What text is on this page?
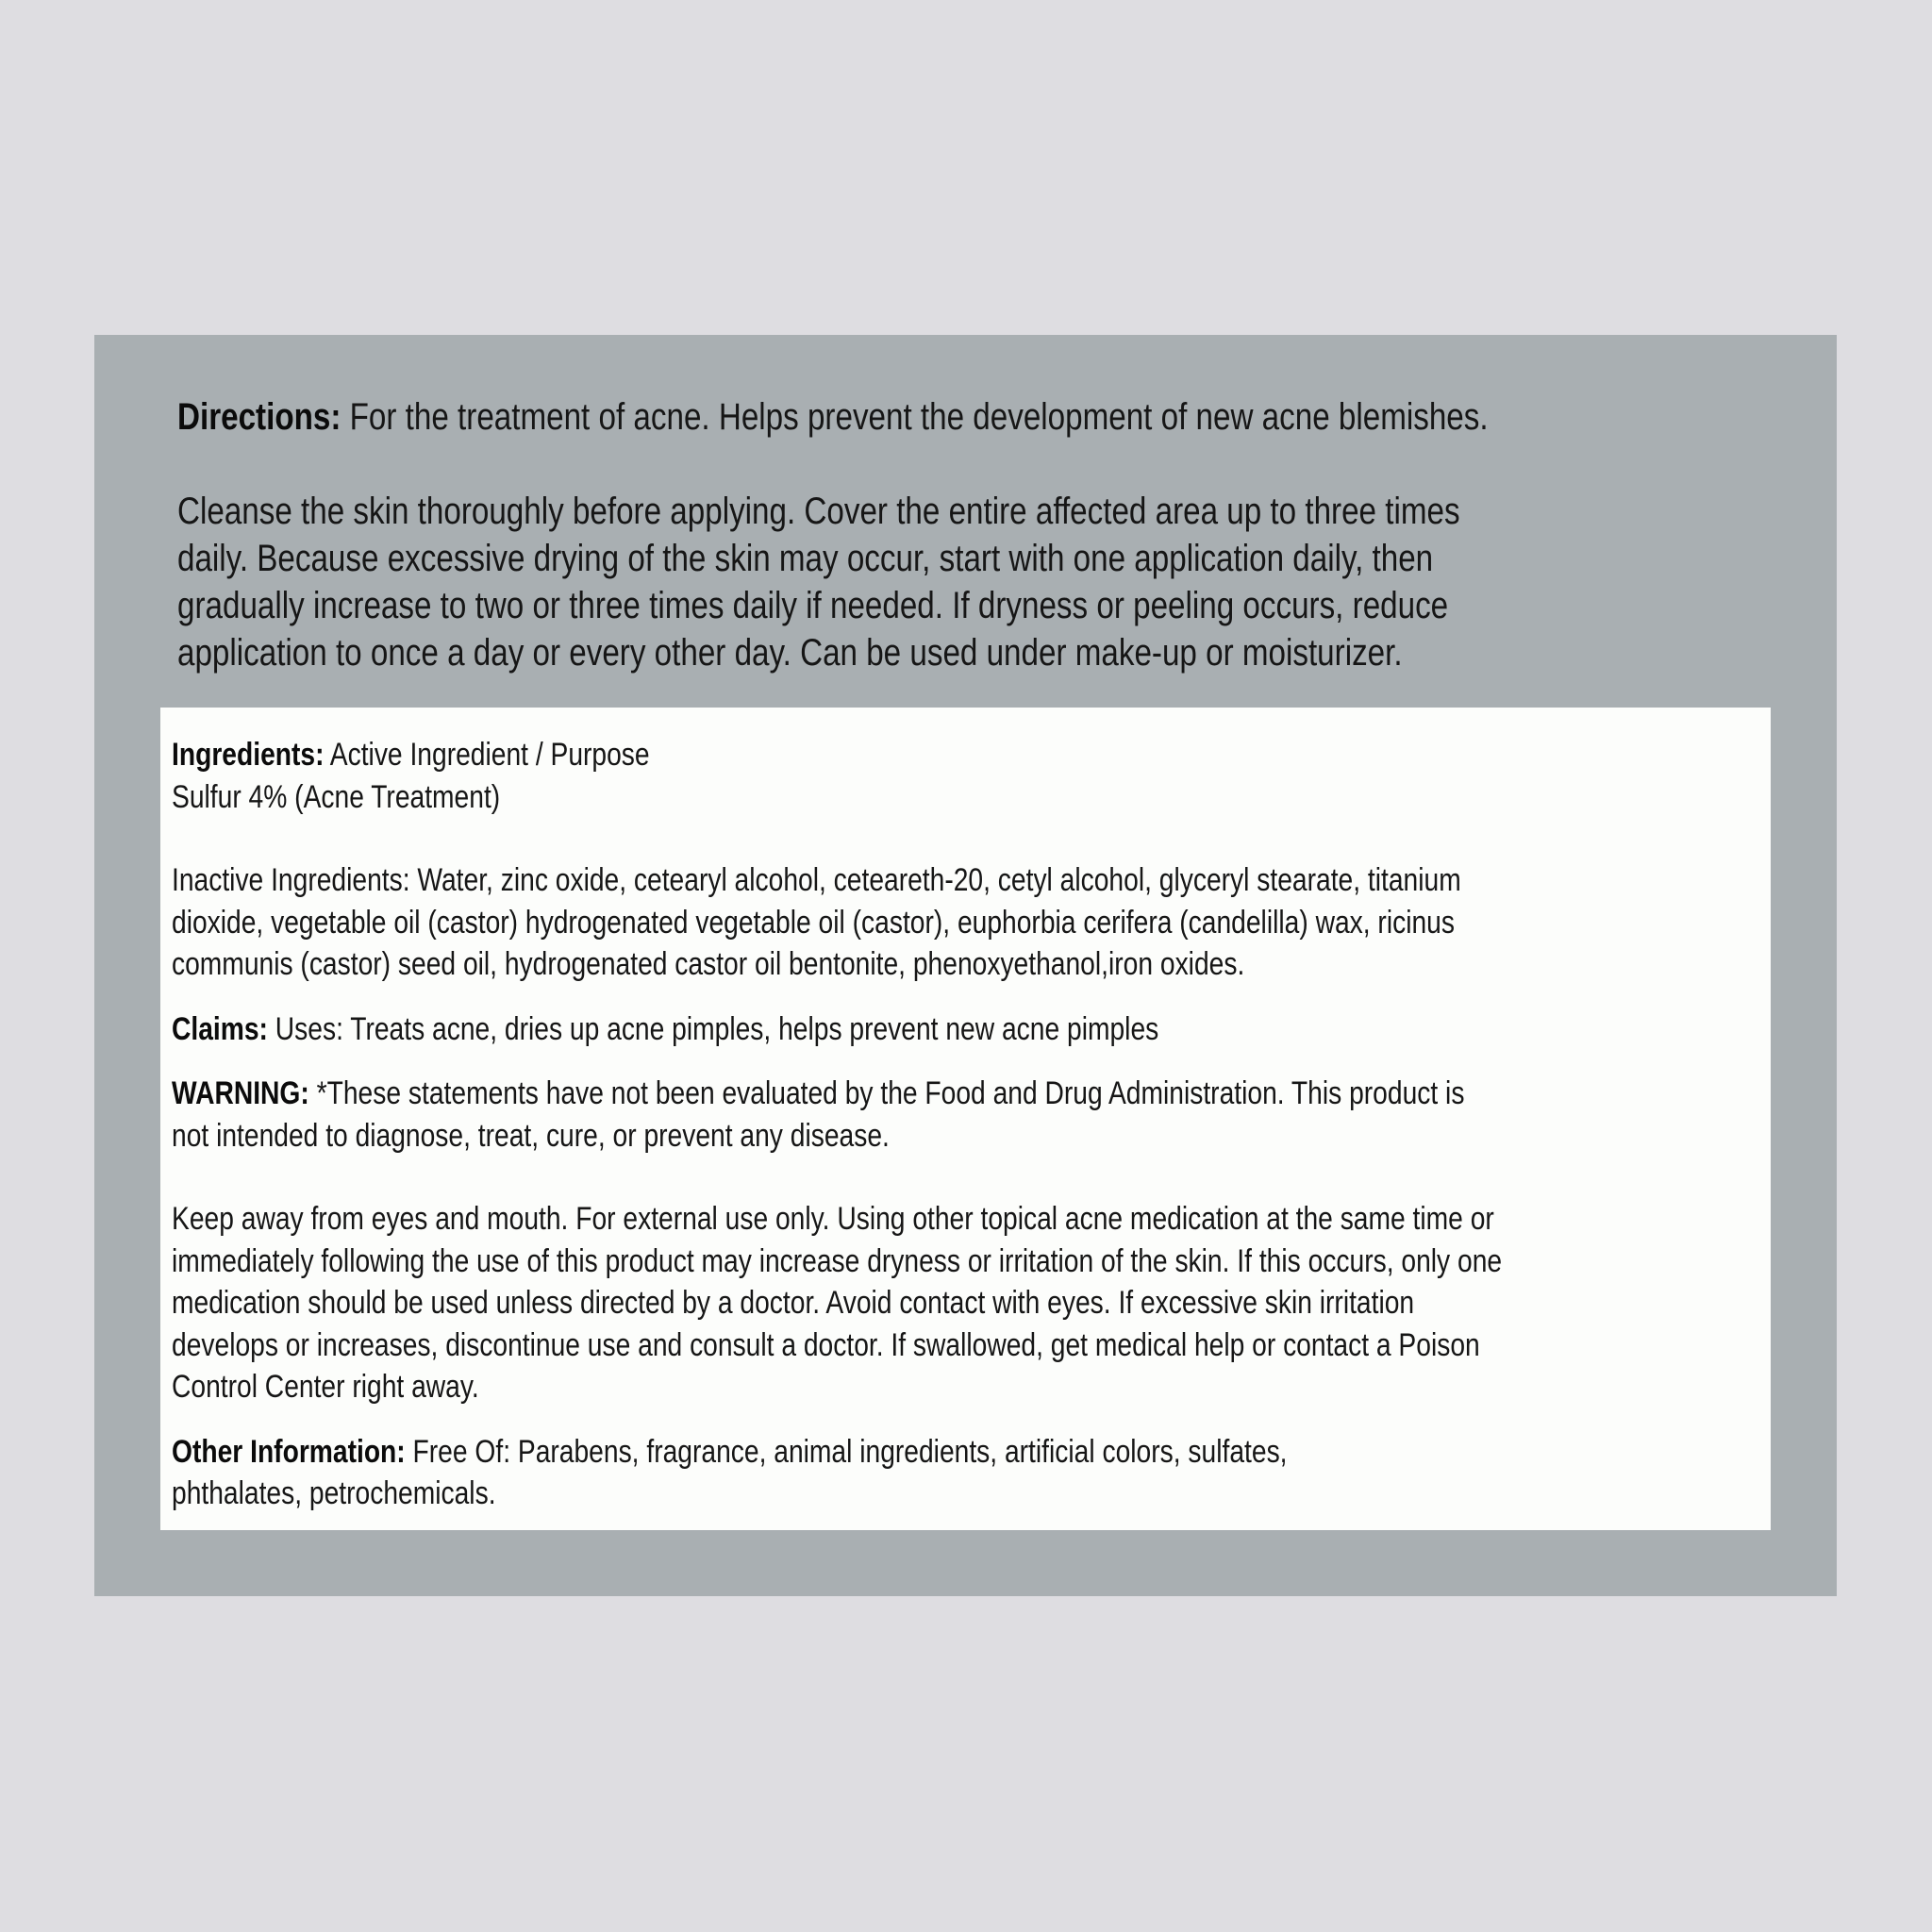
Directions: For the treatment of acne. Helps prevent the development of new acne blemishes.

Cleanse the skin thoroughly before applying. Cover the entire affected area up to three times daily. Because excessive drying of the skin may occur, start with one application daily, then gradually increase to two or three times daily if needed. If dryness or peeling occurs, reduce application to once a day or every other day. Can be used under make-up or moisturizer.

Ingredients: Active Ingredient / Purpose

Sulfur 4% (Acne Treatment)

Inactive Ingredients: Water, zinc oxide, cetearyl alcohol, ceteareth-20, cetyl alcohol, glyceryl stearate, titanium dioxide, vegetable oil (castor) hydrogenated vegetable oil (castor), euphorbia cerifera (candelilla) wax, ricinus communis (castor) seed oil, hydrogenated castor oil bentonite, phenoxyethanol,iron oxides.

Claims: Uses: Treats acne, dries up acne pimples, helps prevent new acne pimples

WARNING: *These statements have not been evaluated by the Food and Drug Administration. This product is not intended to diagnose, treat, cure, or prevent any disease.

Keep away from eyes and mouth. For external use only. Using other topical acne medication at the same time or immediately following the use of this product may increase dryness or irritation of the skin. If this occurs, only one medication should be used unless directed by a doctor. Avoid contact with eyes. If excessive skin irritation develops or increases, discontinue use and consult a doctor. If swallowed, get medical help or contact a Poison Control Center right away.

Other Information: Free Of: Parabens, fragrance, animal ingredients, artificial colors, sulfates, phthalates, petrochemicals.
